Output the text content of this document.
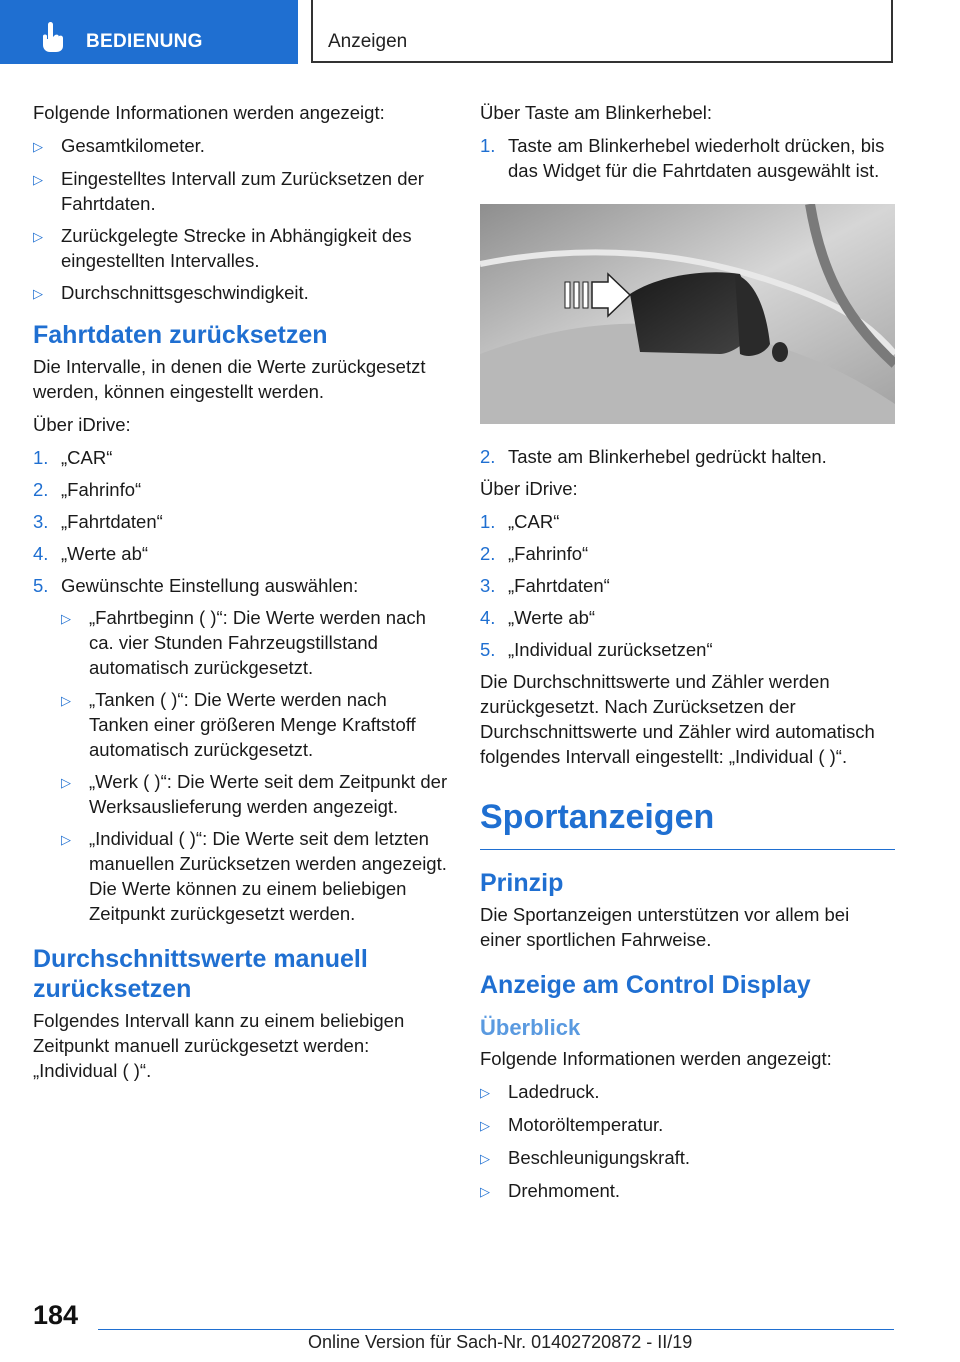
BEDIENUNG	Anzeigen

Folgende Informationen werden angezeigt:

▷ Gesamtkilometer.
▷ Eingestelltes Intervall zum Zurücksetzen der Fahrtdaten.
▷ Zurückgelegte Strecke in Abhängigkeit des eingestellten Intervalles.
▷ Durchschnittsgeschwindigkeit.
Fahrtdaten zurücksetzen

Die Intervalle, in denen die Werte zurückgesetzt werden, können eingestellt werden.

Über iDrive:

1. „CAR“
2. „Fahrinfo“
3. „Fahrtdaten“
4. „Werte ab“
5. Gewünschte Einstellung auswählen:
▷ „Fahrtbeginn ( )“: Die Werte werden nach ca. vier Stunden Fahrzeugstillstand automatisch zurückgesetzt.
▷ „Tanken ( )“: Die Werte werden nach Tanken einer größeren Menge Kraftstoff automatisch zurückgesetzt.
▷ „Werk ( )“: Die Werte seit dem Zeitpunkt der Werksauslieferung werden angezeigt.
▷ „Individual ( )“: Die Werte seit dem letzten manuellen Zurücksetzen werden angezeigt. Die Werte können zu einem beliebigen Zeitpunkt zurückgesetzt werden.
Durchschnittswerte manuell zurücksetzen

Folgendes Intervall kann zu einem beliebigen Zeitpunkt manuell zurückgesetzt werden: „Individual ( )“.

Über Taste am Blinkerhebel:

1. Taste am Blinkerhebel wiederholt drücken, bis das Widget für die Fahrtdaten ausgewählt ist.
2. Taste am Blinkerhebel gedrückt halten.

Über iDrive:

1. „CAR“
2. „Fahrinfo“
3. „Fahrtdaten“
4. „Werte ab“
5. „Individual zurücksetzen“

Die Durchschnittswerte und Zähler werden zurückgesetzt. Nach Zurücksetzen der Durchschnittswerte und Zähler wird automatisch folgendes Intervall eingestellt: „Individual ( )“.

Sportanzeigen
Prinzip

Die Sportanzeigen unterstützen vor allem bei einer sportlichen Fahrweise.

Anzeige am Control Display
Überblick

Folgende Informationen werden angezeigt:

▷ Ladedruck.
▷ Motoröltemperatur.
▷ Beschleunigungskraft.
▷ Drehmoment.
184
Online Version für Sach-Nr. 01402720872 - II/19
